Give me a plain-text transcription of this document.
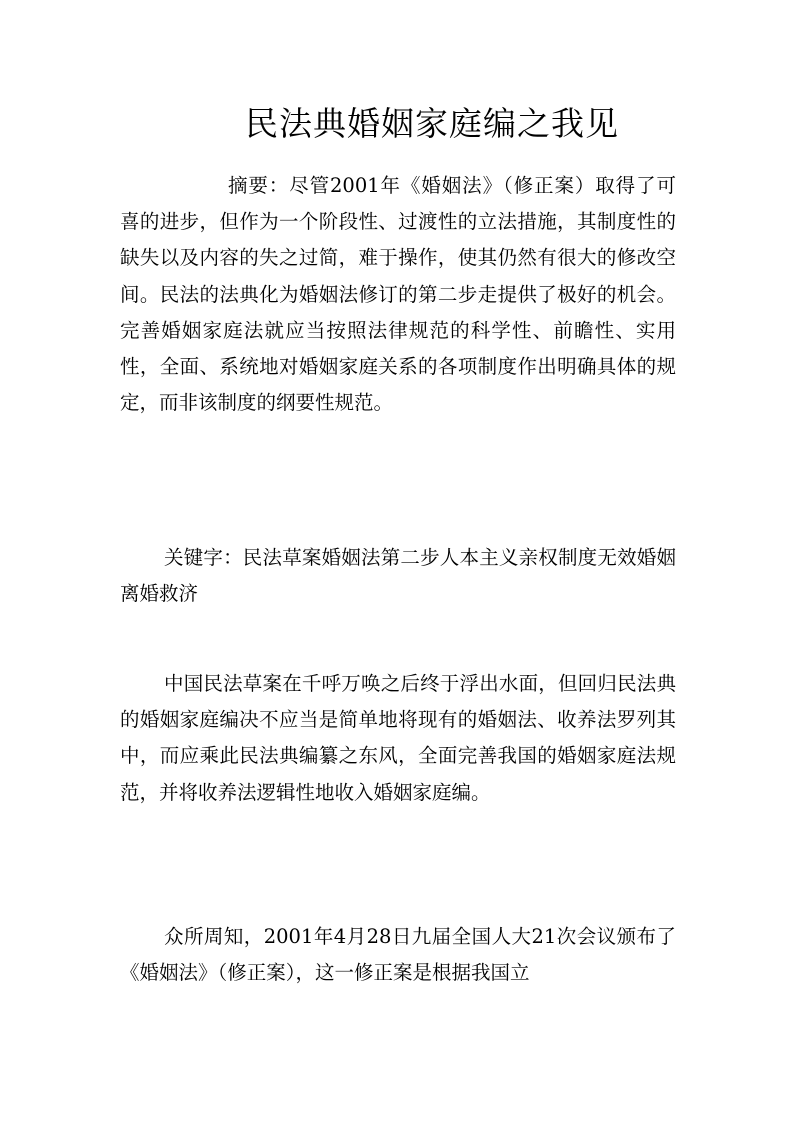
民法典婚姻家庭编之我见

摘要：尽管2001年《婚姻法》（修正案）取得了可喜的进步，但作为一个阶段性、过渡性的立法措施，其制度性的缺失以及内容的失之过简，难于操作，使其仍然有很大的修改空间。民法的法典化为婚姻法修订的第二步走提供了极好的机会。完善婚姻家庭法就应当按照法律规范的科学性、前瞻性、实用性，全面、系统地对婚姻家庭关系的各项制度作出明确具体的规定，而非该制度的纲要性规范。

关键字：民法草案婚姻法第二步人本主义亲权制度无效婚姻离婚救济

中国民法草案在千呼万唤之后终于浮出水面，但回归民法典的婚姻家庭编决不应当是简单地将现有的婚姻法、收养法罗列其中，而应乘此民法典编纂之东风，全面完善我国的婚姻家庭法规范，并将收养法逻辑性地收入婚姻家庭编。

众所周知，2001年4月28日九届全国人大21次会议颁布了《婚姻法》（修正案），这一修正案是根据我国立
